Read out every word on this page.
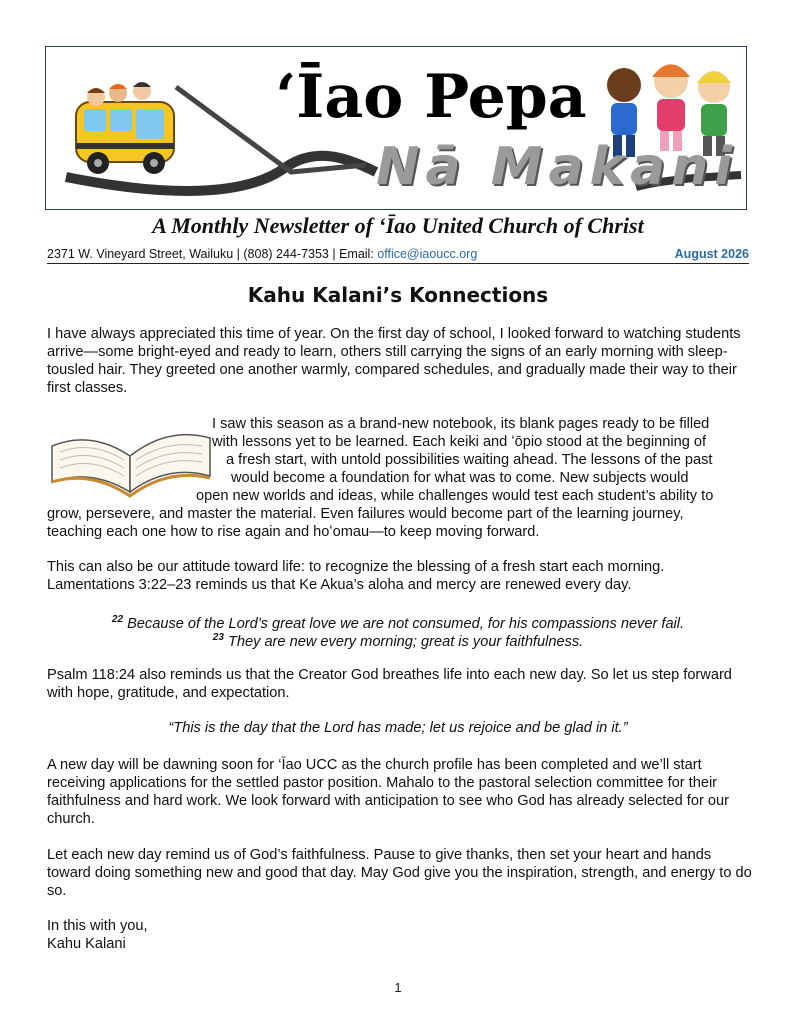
‘Īao Pepa
Nā Makani
A Monthly Newsletter of ‘Īao United Church of Christ
2371 W. Vineyard Street, Wailuku | (808) 244-7353 | Email: office@iaoucc.org	August 2026
Kahu Kalani’s Konnections
I have always appreciated this time of year. On the first day of school, I looked forward to watching students arrive—some bright-eyed and ready to learn, others still carrying the signs of an early morning with sleep-tousled hair. They greeted one another warmly, compared schedules, and gradually made their way to their first classes.
I saw this season as a brand-new notebook, its blank pages ready to be filled
with lessons yet to be learned. Each keiki and ʻōpio stood at the beginning of
a fresh start, with untold possibilities waiting ahead. The lessons of the past
would become a foundation for what was to come. New subjects would
open new worlds and ideas, while challenges would test each student’s ability to
grow, persevere, and master the material. Even failures would become part of the learning journey,
teaching each one how to rise again and hoʻomau—to keep moving forward.
This can also be our attitude toward life: to recognize the blessing of a fresh start each morning. Lamentations 3:22–23 reminds us that Ke Akua’s aloha and mercy are renewed every day.
$^{22}$ Because of the Lord’s great love we are not consumed, for his compassions never fail.
$^{23}$ They are new every morning; great is your faithfulness.
Psalm 118:24 also reminds us that the Creator God breathes life into each new day. So let us step forward with hope, gratitude, and expectation.
“This is the day that the Lord has made; let us rejoice and be glad in it.”
A new day will be dawning soon for ‘Īao UCC as the church profile has been completed and we’ll start receiving applications for the settled pastor position. Mahalo to the pastoral selection committee for their faithfulness and hard work. We look forward with anticipation to see who God has already selected for our church.
Let each new day remind us of God’s faithfulness. Pause to give thanks, then set your heart and hands toward doing something new and good that day. May God give you the inspiration, strength, and energy to do so.
In this with you,
Kahu Kalani
1
